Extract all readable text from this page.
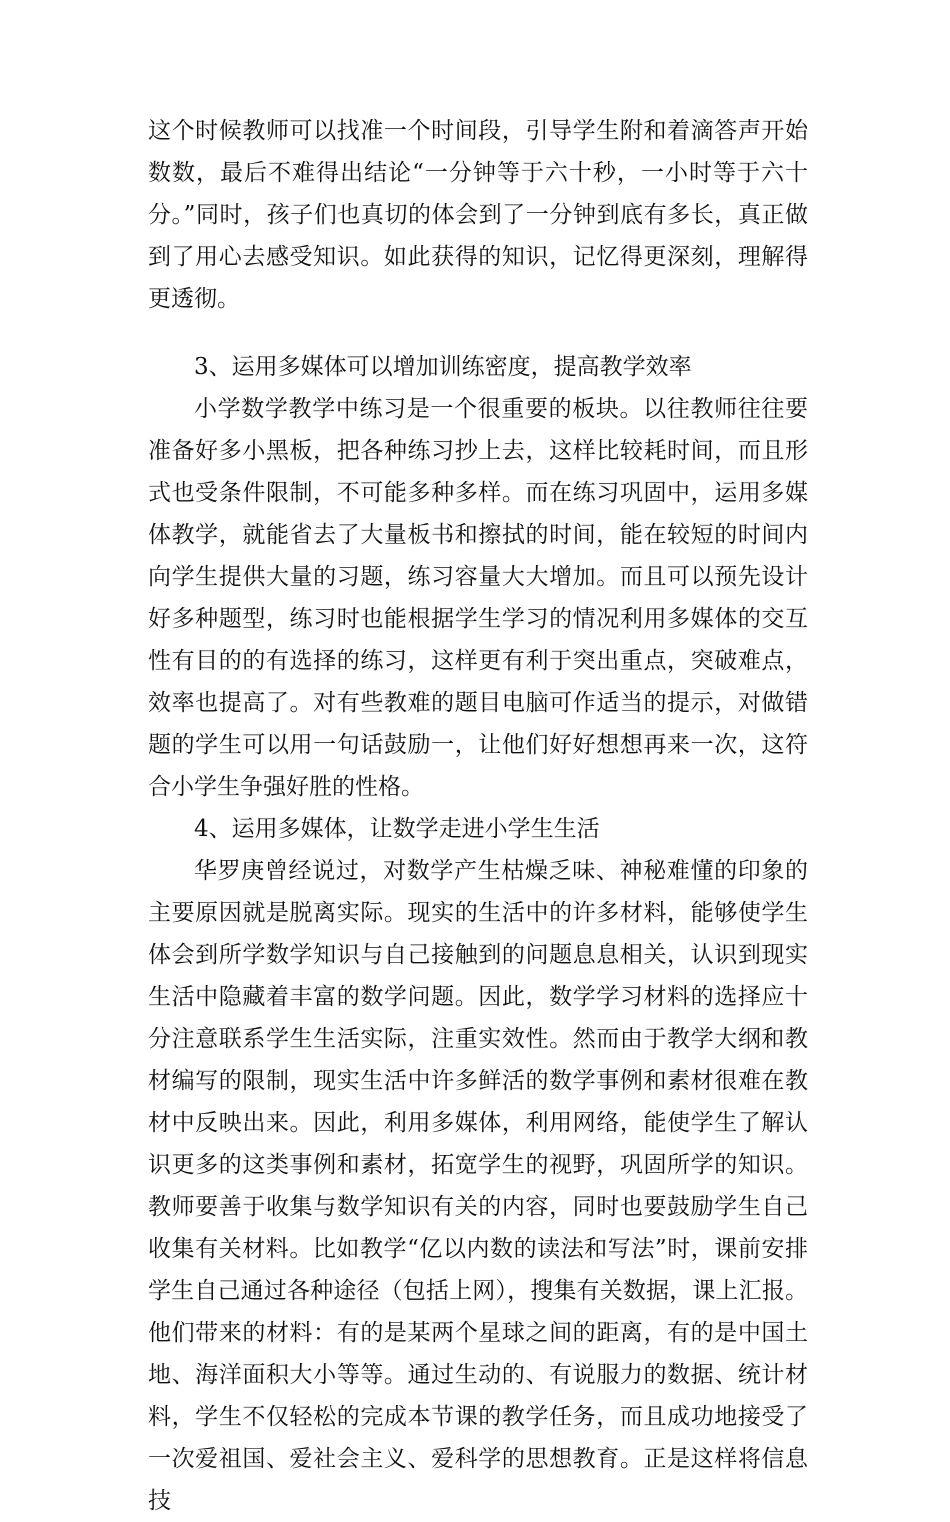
这个时候教师可以找准一个时间段，引导学生附和着滴答声开始数数，最后不难得出结论“一分钟等于六十秒，一小时等于六十分。”同时，孩子们也真切的体会到了一分钟到底有多长，真正做到了用心去感受知识。如此获得的知识，记忆得更深刻，理解得更透彻。

3、运用多媒体可以增加训练密度，提高教学效率

小学数学教学中练习是一个很重要的板块。以往教师往往要准备好多小黑板，把各种练习抄上去，这样比较耗时间，而且形式也受条件限制，不可能多种多样。而在练习巩固中，运用多媒体教学，就能省去了大量板书和擦拭的时间，能在较短的时间内向学生提供大量的习题，练习容量大大增加。而且可以预先设计好多种题型，练习时也能根据学生学习的情况利用多媒体的交互性有目的的有选择的练习，这样更有利于突出重点，突破难点，效率也提高了。对有些教难的题目电脑可作适当的提示，对做错题的学生可以用一句话鼓励一，让他们好好想想再来一次，这符合小学生争强好胜的性格。

4、运用多媒体，让数学走进小学生生活

华罗庚曾经说过，对数学产生枯燥乏味、神秘难懂的印象的主要原因就是脱离实际。现实的生活中的许多材料，能够使学生体会到所学数学知识与自己接触到的问题息息相关，认识到现实生活中隐藏着丰富的数学问题。因此，数学学习材料的选择应十分注意联系学生生活实际，注重实效性。然而由于教学大纲和教材编写的限制，现实生活中许多鲜活的数学事例和素材很难在教材中反映出来。因此，利用多媒体，利用网络，能使学生了解认识更多的这类事例和素材，拓宽学生的视野，巩固所学的知识。教师要善于收集与数学知识有关的内容，同时也要鼓励学生自己收集有关材料。比如教学“亿以内数的读法和写法”时，课前安排学生自己通过各种途径（包括上网），搜集有关数据，课上汇报。他们带来的材料：有的是某两个星球之间的距离，有的是中国土地、海洋面积大小等等。通过生动的、有说服力的数据、统计材料，学生不仅轻松的完成本节课的教学任务，而且成功地接受了一次爱祖国、爱社会主义、爱科学的思想教育。正是这样将信息技
